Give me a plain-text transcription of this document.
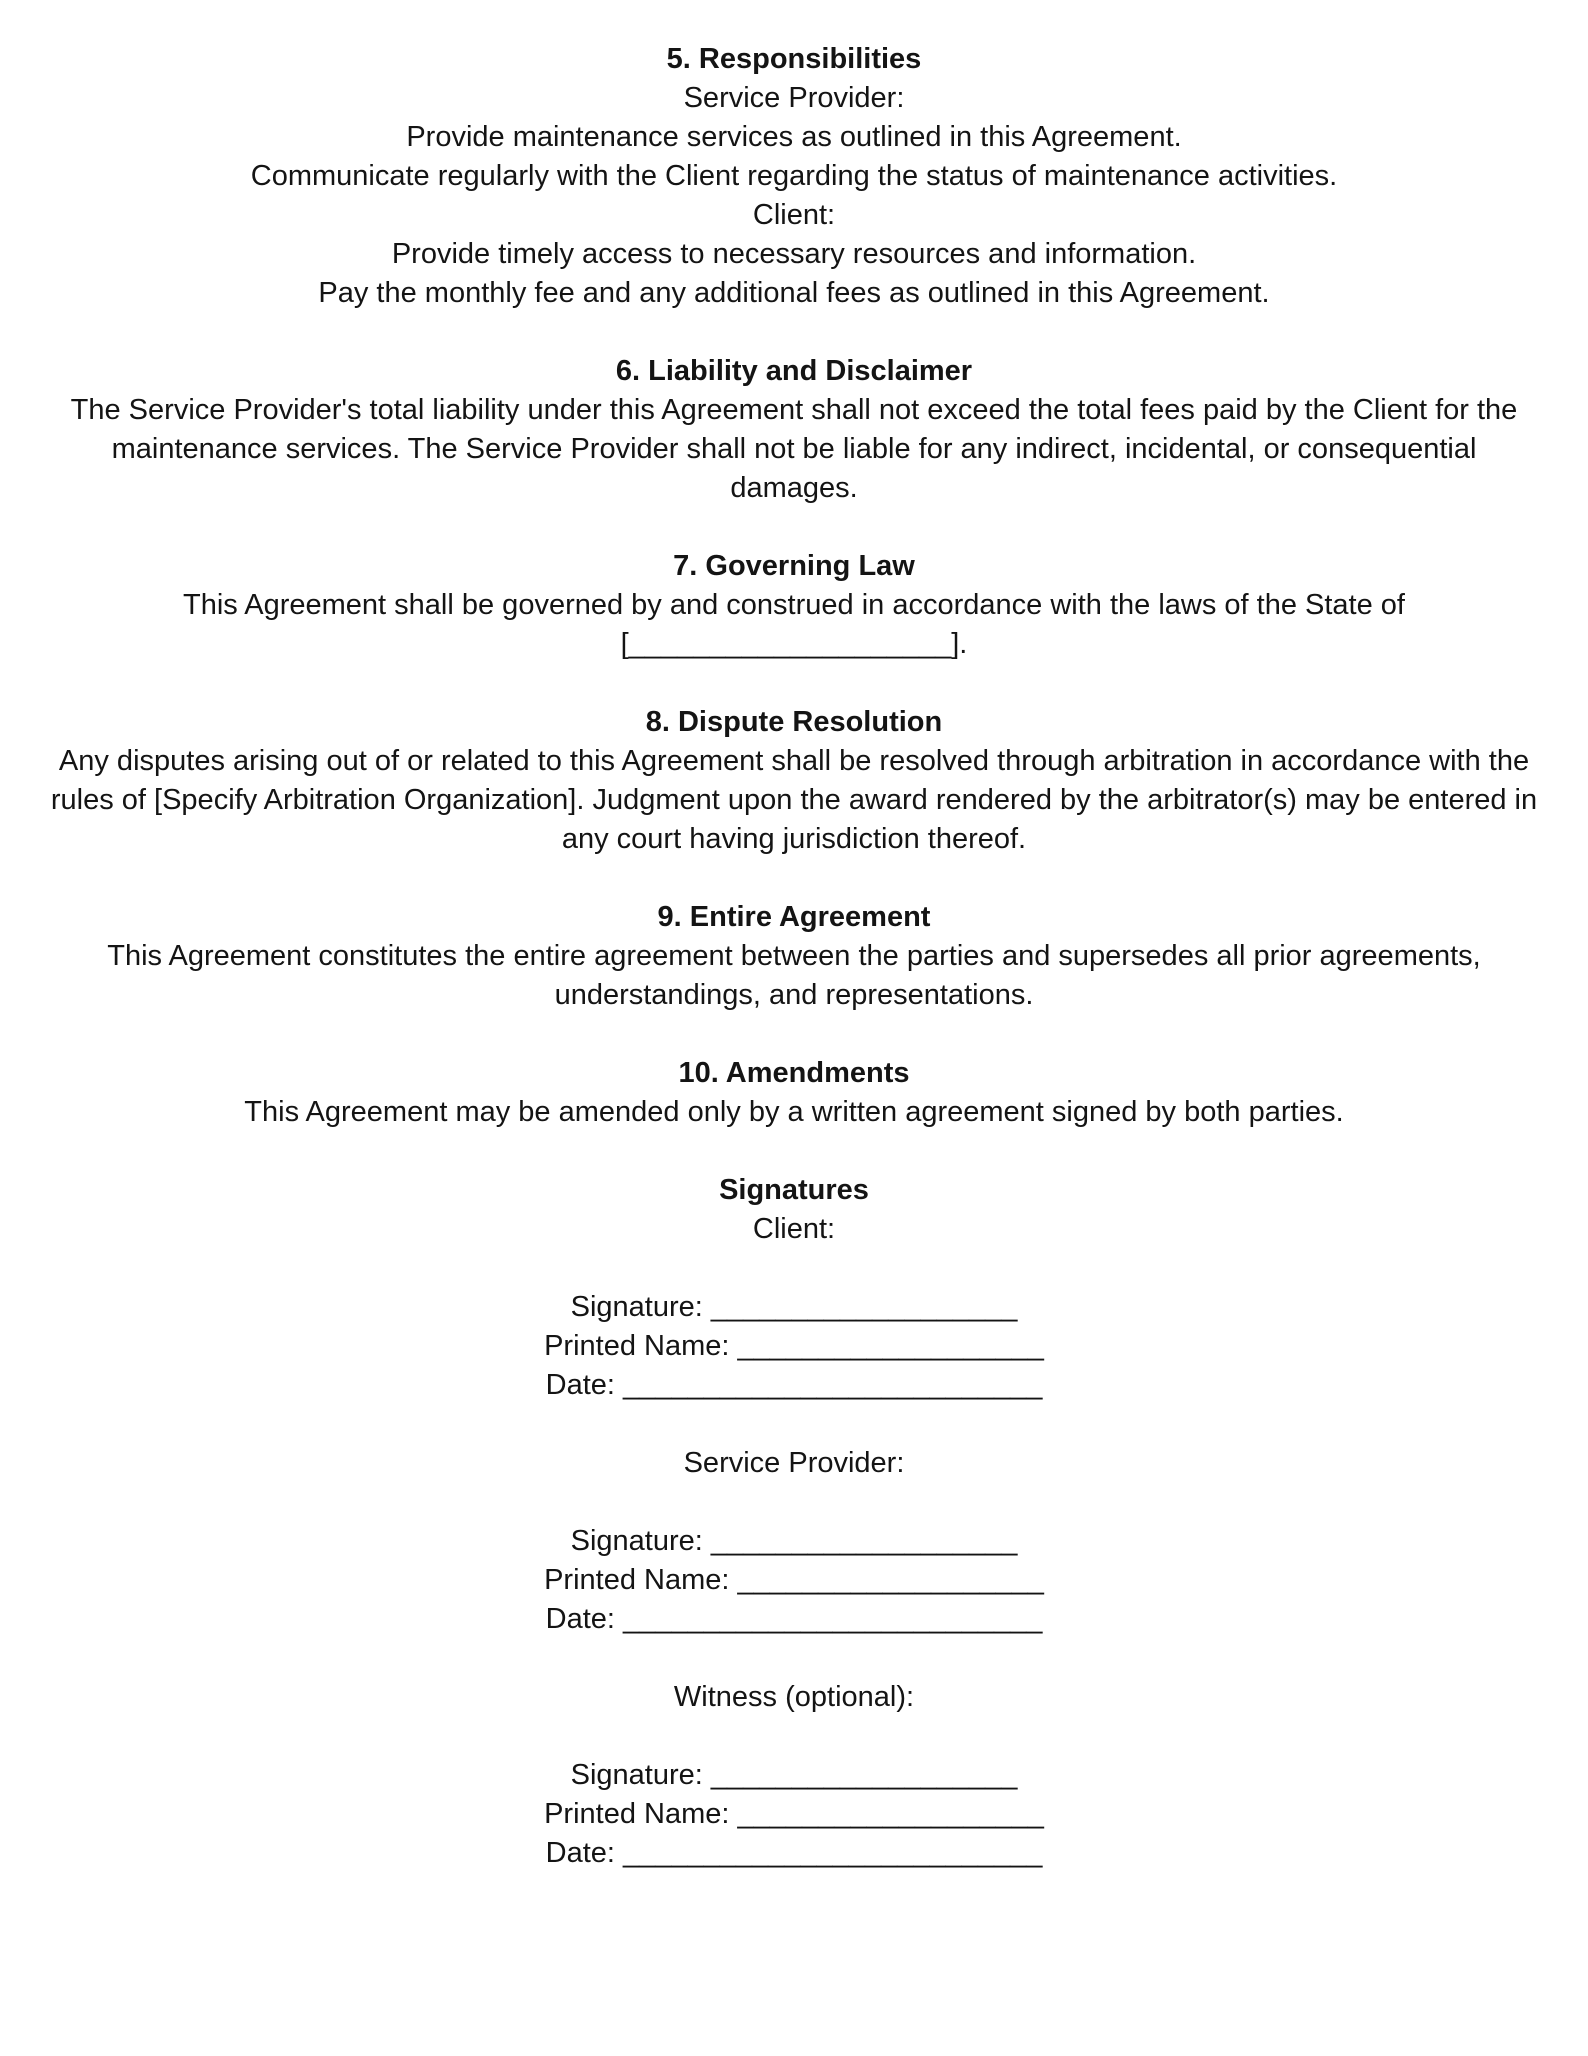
5. Responsibilities
Service Provider:
Provide maintenance services as outlined in this Agreement.
Communicate regularly with the Client regarding the status of maintenance activities.
Client:
Provide timely access to necessary resources and information.
Pay the monthly fee and any additional fees as outlined in this Agreement.
6. Liability and Disclaimer
The Service Provider's total liability under this Agreement shall not exceed the total fees paid by the Client for the maintenance services. The Service Provider shall not be liable for any indirect, incidental, or consequential damages.
7. Governing Law
This Agreement shall be governed by and construed in accordance with the laws of the State of
[____________________].
8. Dispute Resolution
Any disputes arising out of or related to this Agreement shall be resolved through arbitration in accordance with the rules of [Specify Arbitration Organization]. Judgment upon the award rendered by the arbitrator(s) may be entered in any court having jurisdiction thereof.
9. Entire Agreement
This Agreement constitutes the entire agreement between the parties and supersedes all prior agreements, understandings, and representations.
10. Amendments
This Agreement may be amended only by a written agreement signed by both parties.
Signatures
Client:
Signature: ___________________
Printed Name: ___________________
Date: __________________________
Service Provider:
Signature: ___________________
Printed Name: ___________________
Date: __________________________
Witness (optional):
Signature: ___________________
Printed Name: ___________________
Date: __________________________
